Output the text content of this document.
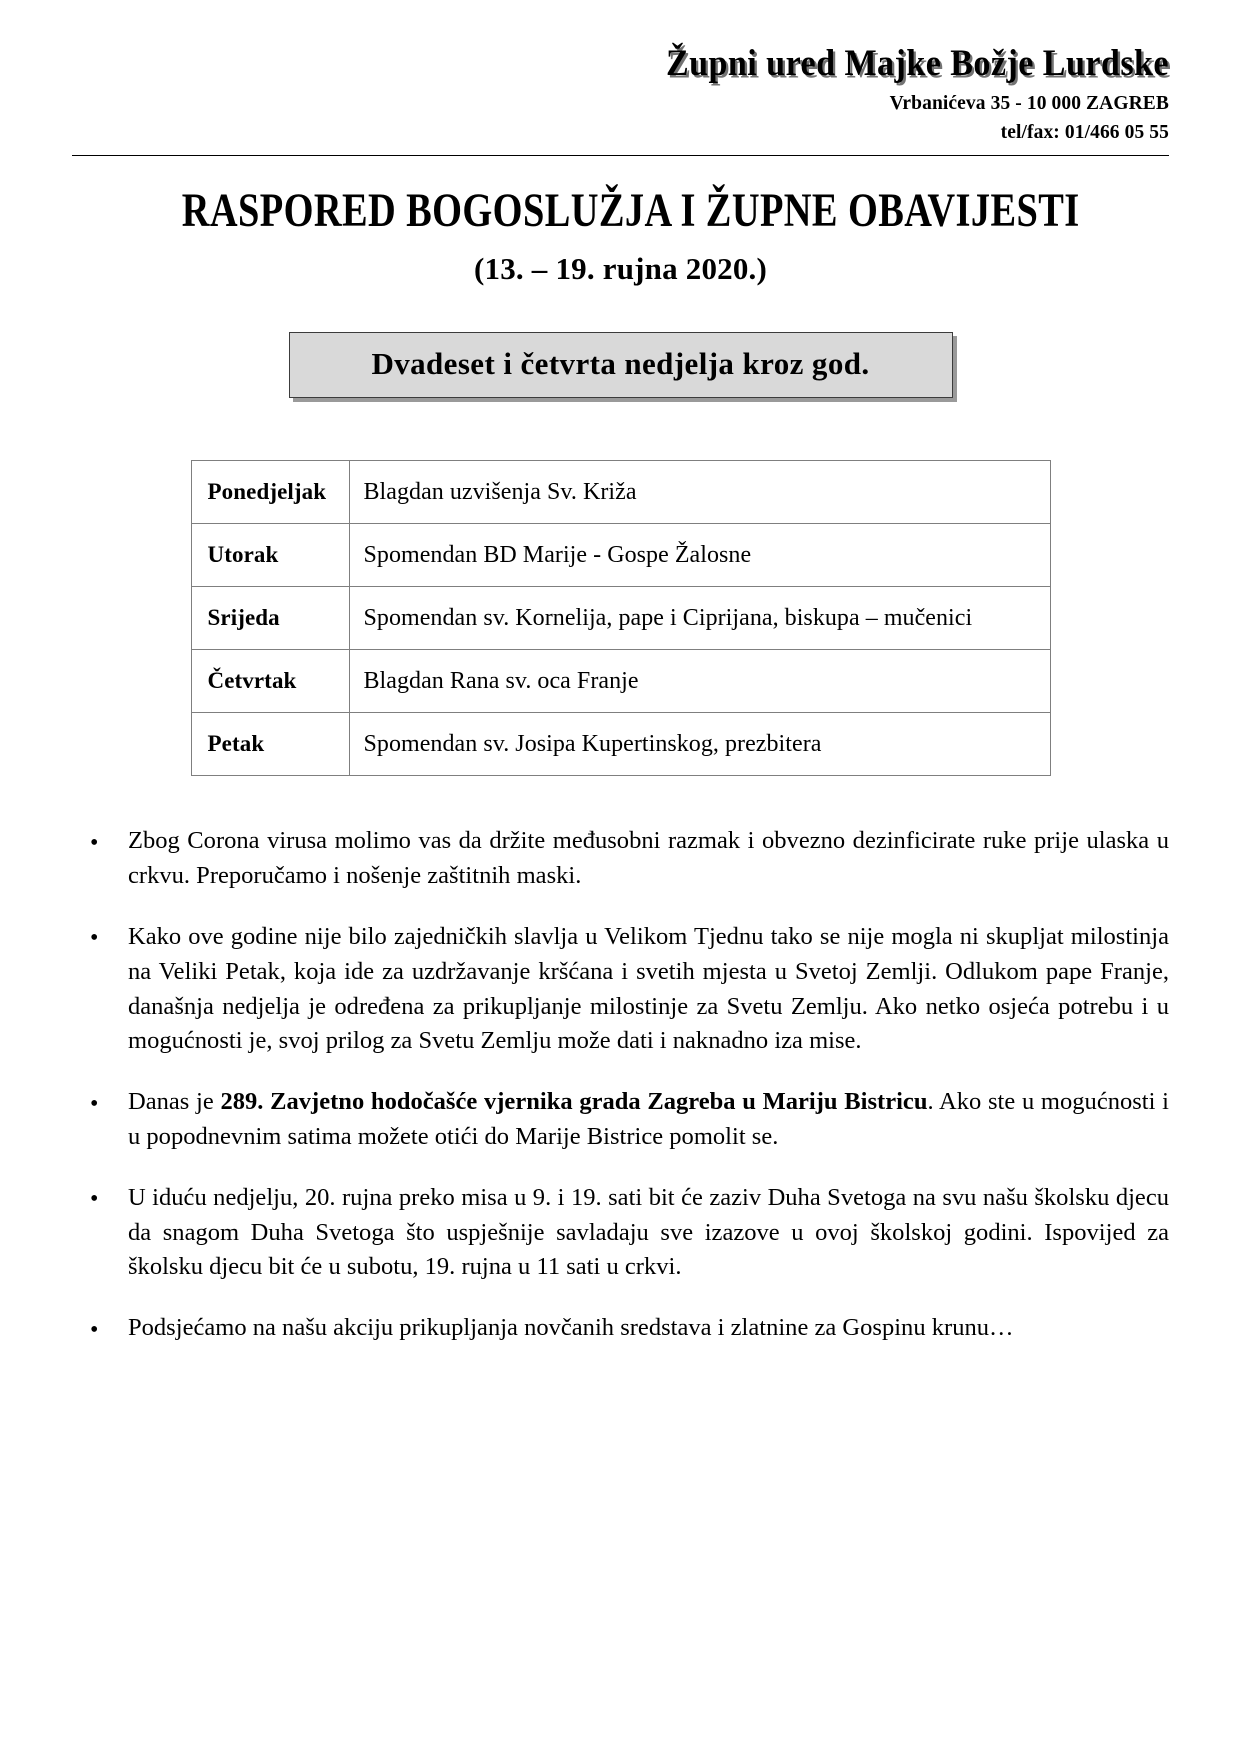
Župni ured Majke Božje Lurdske
Vrbanićeva 35 - 10 000 ZAGREB
tel/fax: 01/466 05 55
RASPORED BOGOSLUŽJA I ŽUPNE OBAVIJESTI
(13. – 19. rujna 2020.)
Dvadeset i četvrta nedjelja kroz god.
Ponedjeljak	Blagdan uzvišenja Sv. Križa
Utorak	Spomendan BD Marije - Gospe Žalosne
Srijeda	Spomendan sv. Kornelija, pape i Ciprijana, biskupa – mučenici
Četvrtak	Blagdan Rana sv. oca Franje
Petak	Spomendan sv. Josipa Kupertinskog, prezbitera
• Zbog Corona virusa molimo vas da držite međusobni razmak i obvezno dezinficirate ruke prije ulaska u crkvu. Preporučamo i nošenje zaštitnih maski.
• Kako ove godine nije bilo zajedničkih slavlja u Velikom Tjednu tako se nije mogla ni skupljat milostinja na Veliki Petak, koja ide za uzdržavanje kršćana i svetih mjesta u Svetoj Zemlji. Odlukom pape Franje, današnja nedjelja je određena za prikupljanje milostinje za Svetu Zemlju. Ako netko osjeća potrebu i u mogućnosti je, svoj prilog za Svetu Zemlju može dati i naknadno iza mise.
• Danas je 289. Zavjetno hodočašće vjernika grada Zagreba u Mariju Bistricu. Ako ste u mogućnosti i u popodnevnim satima možete otići do Marije Bistrice pomolit se.
• U iduću nedjelju, 20. rujna preko misa u 9. i 19. sati bit će zaziv Duha Svetoga na svu našu školsku djecu da snagom Duha Svetoga što uspješnije savladaju sve izazove u ovoj školskoj godini. Ispovijed za školsku djecu bit će u subotu, 19. rujna u 11 sati u crkvi.
• Podsjećamo na našu akciju prikupljanja novčanih sredstava i zlatnine za Gospinu krunu…
